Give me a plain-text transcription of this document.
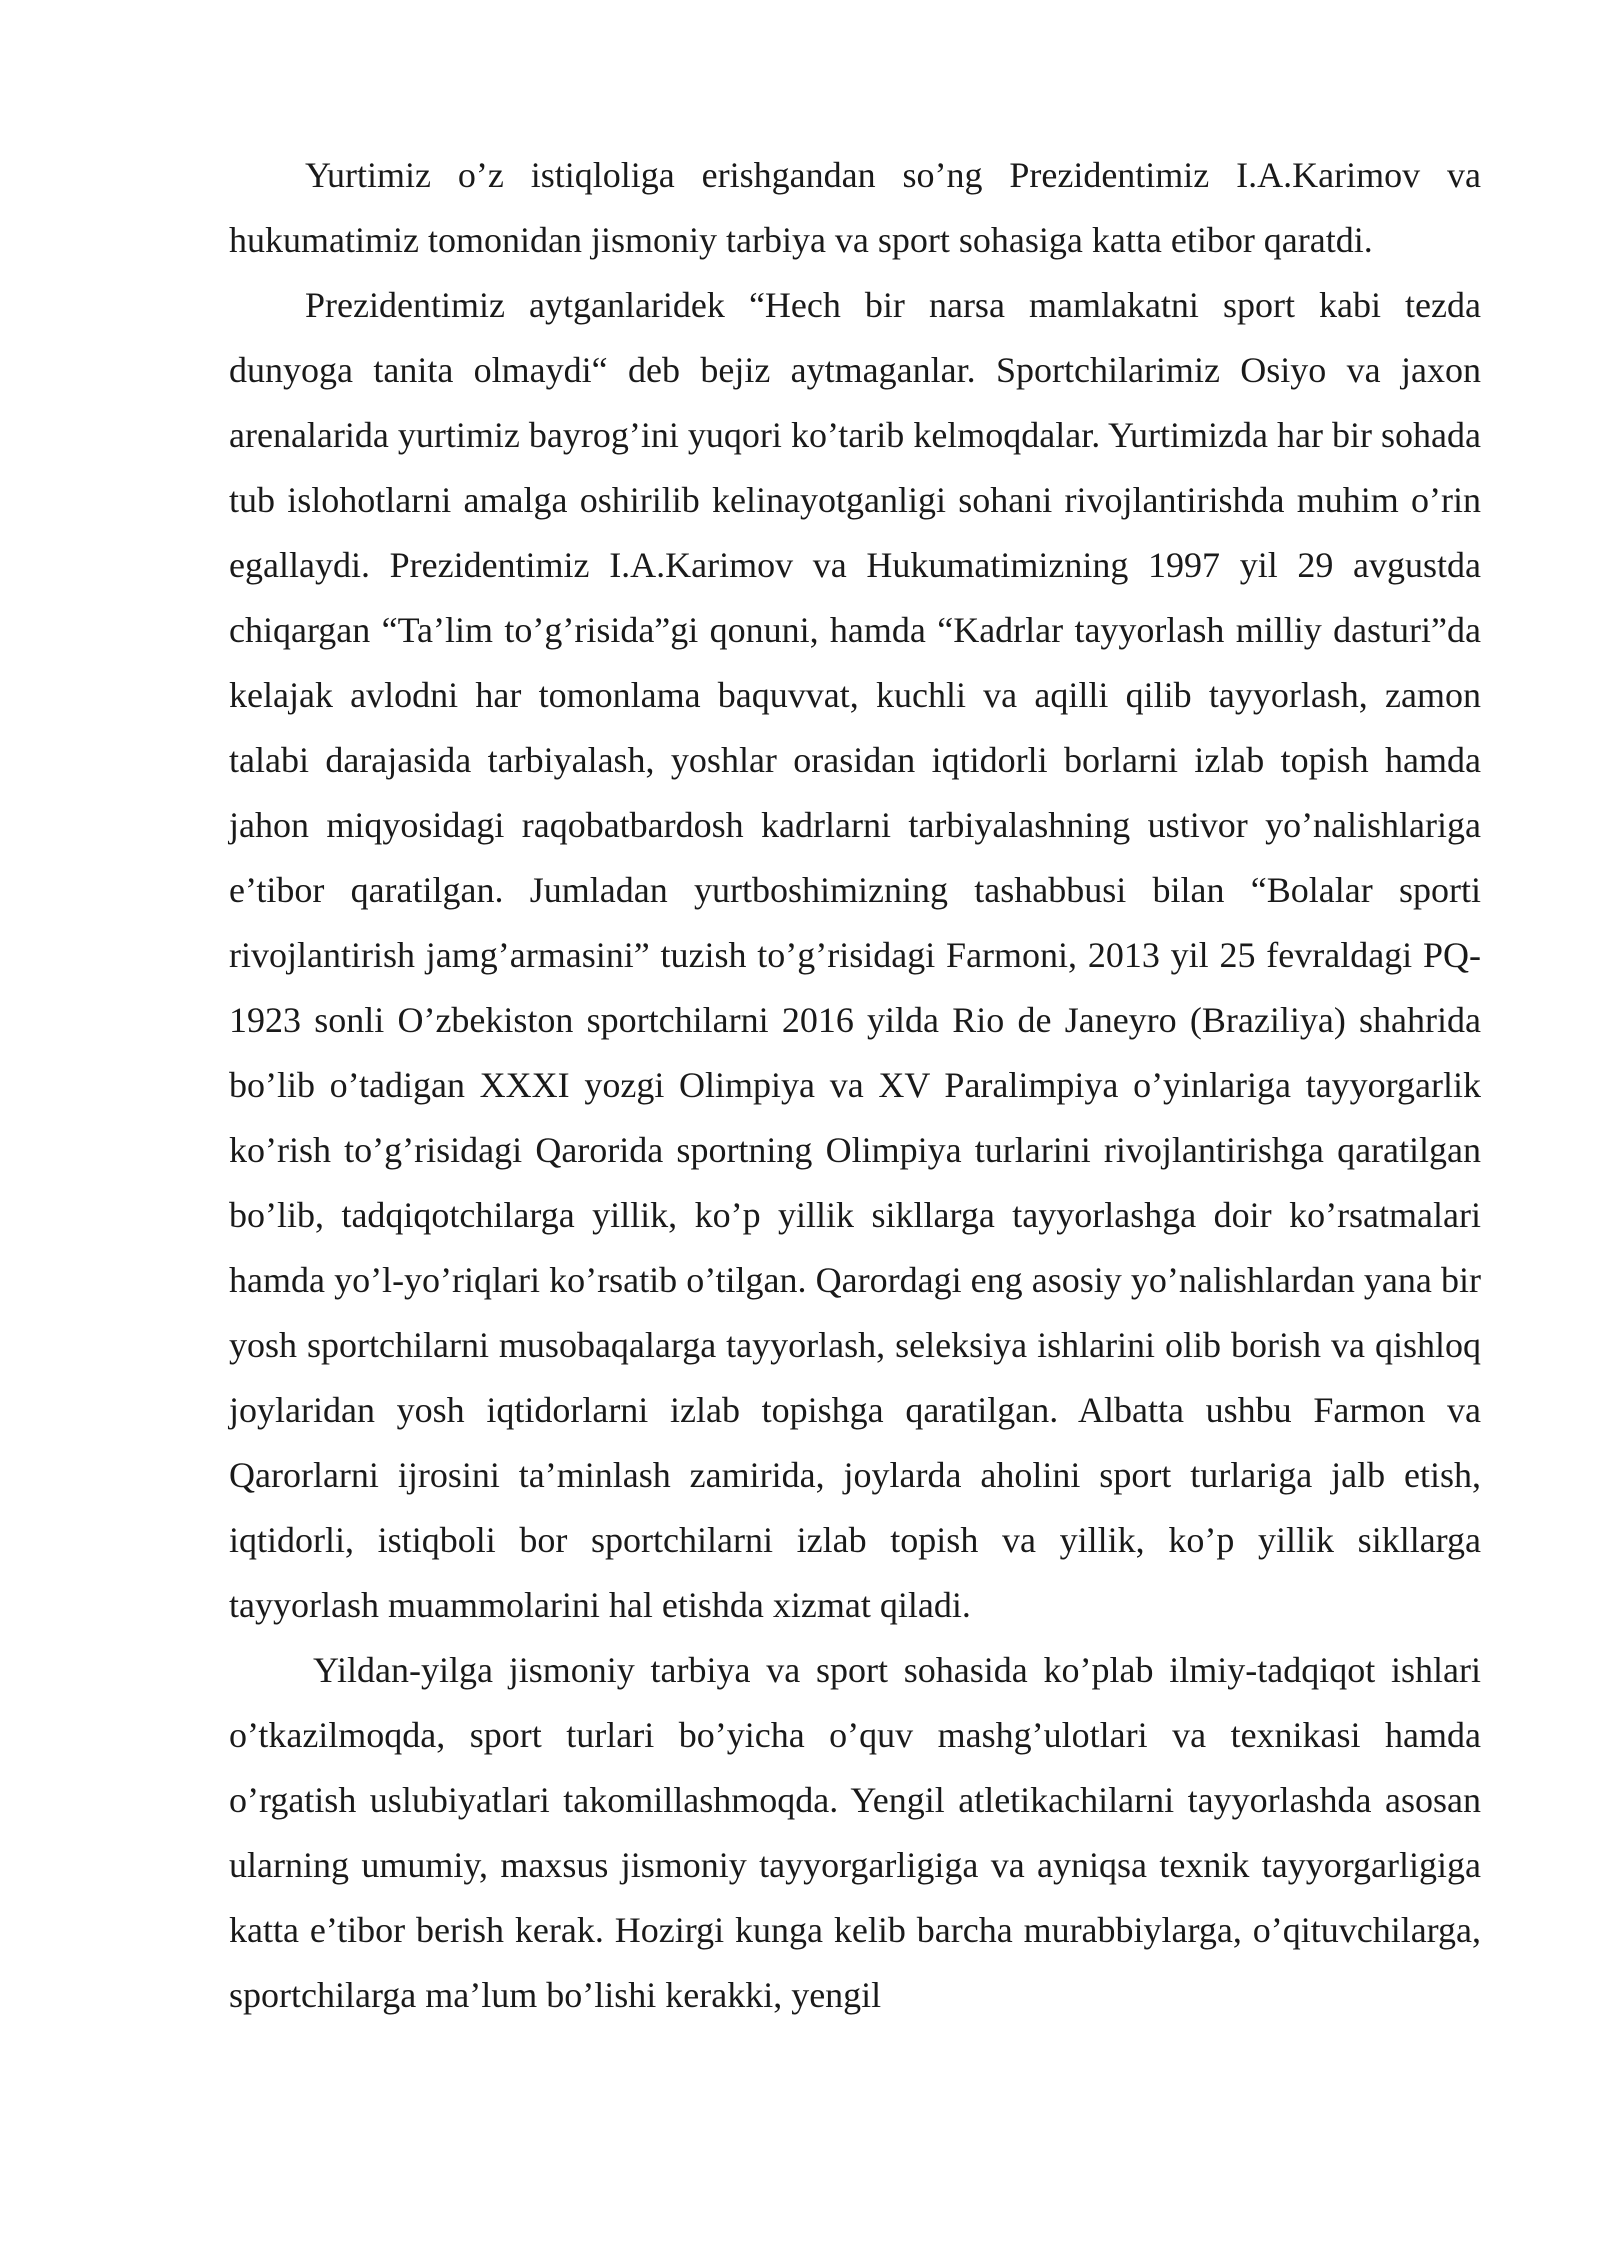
Yurtimiz o’z istiqloliga erishgandan so’ng Prezidentimiz I.A.Karimov va hukumatimiz tomonidan jismoniy tarbiya va sport sohasiga katta etibor qaratdi.

Prezidentimiz aytganlaridek “Hech bir narsa mamlakatni sport kabi tezda dunyoga tanita olmaydi“ deb bejiz aytmaganlar. Sportchilarimiz Osiyo va jaxon arenalarida yurtimiz bayrog’ini yuqori ko’tarib kelmoqdalar. Yurtimizda har bir sohada tub islohotlarni amalga oshirilib kelinayotganligi sohani rivojlantirishda muhim o’rin egallaydi. Prezidentimiz I.A.Karimov va Hukumatimizning 1997 yil 29 avgustda chiqargan “Ta’lim to’g’risida”gi qonuni, hamda “Kadrlar tayyorlash milliy dasturi”da kelajak avlodni har tomonlama baquvvat, kuchli va aqilli qilib tayyorlash, zamon talabi darajasida tarbiyalash, yoshlar orasidan iqtidorli borlarni izlab topish hamda jahon miqyosidagi raqobatbardosh kadrlarni tarbiyalashning ustivor yo’nalishlariga e’tibor qaratilgan. Jumladan yurtboshimizning tashabbusi bilan “Bolalar sporti rivojlantirish jamg’armasini” tuzish to’g’risidagi Farmoni, 2013 yil 25 fevraldagi PQ-1923 sonli O’zbekiston sportchilarni 2016 yilda Rio de Janeyro (Braziliya) shahrida bo’lib o’tadigan XXXI yozgi Olimpiya va XV Paralimpiya o’yinlariga tayyorgarlik ko’rish to’g’risidagi Qarorida sportning Olimpiya turlarini rivojlantirishga qaratilgan bo’lib, tadqiqotchilarga yillik, ko’p yillik sikllarga tayyorlashga doir ko’rsatmalari hamda yo’l-yo’riqlari ko’rsatib o’tilgan. Qarordagi eng asosiy yo’nalishlardan yana bir yosh sportchilarni musobaqalarga tayyorlash, seleksiya ishlarini olib borish va qishloq joylaridan yosh iqtidorlarni izlab topishga qaratilgan. Albatta ushbu Farmon va Qarorlarni ijrosini ta’minlash zamirida, joylarda aholini sport turlariga jalb etish, iqtidorli, istiqboli bor sportchilarni izlab topish va yillik, ko’p yillik sikllarga tayyorlash muammolarini hal etishda xizmat qiladi.

Yildan-yilga jismoniy tarbiya va sport sohasida ko’plab ilmiy-tadqiqot ishlari o’tkazilmoqda, sport turlari bo’yicha o’quv mashg’ulotlari va texnikasi hamda o’rgatish uslubiyatlari takomillashmoqda. Yengil atletikachilarni tayyorlashda asosan ularning umumiy, maxsus jismoniy tayyorgarligiga va ayniqsa texnik tayyorgarligiga katta e’tibor berish kerak. Hozirgi kunga kelib barcha murabbiylarga, o’qituvchilarga, sportchilarga ma’lum bo’lishi kerakki, yengil
